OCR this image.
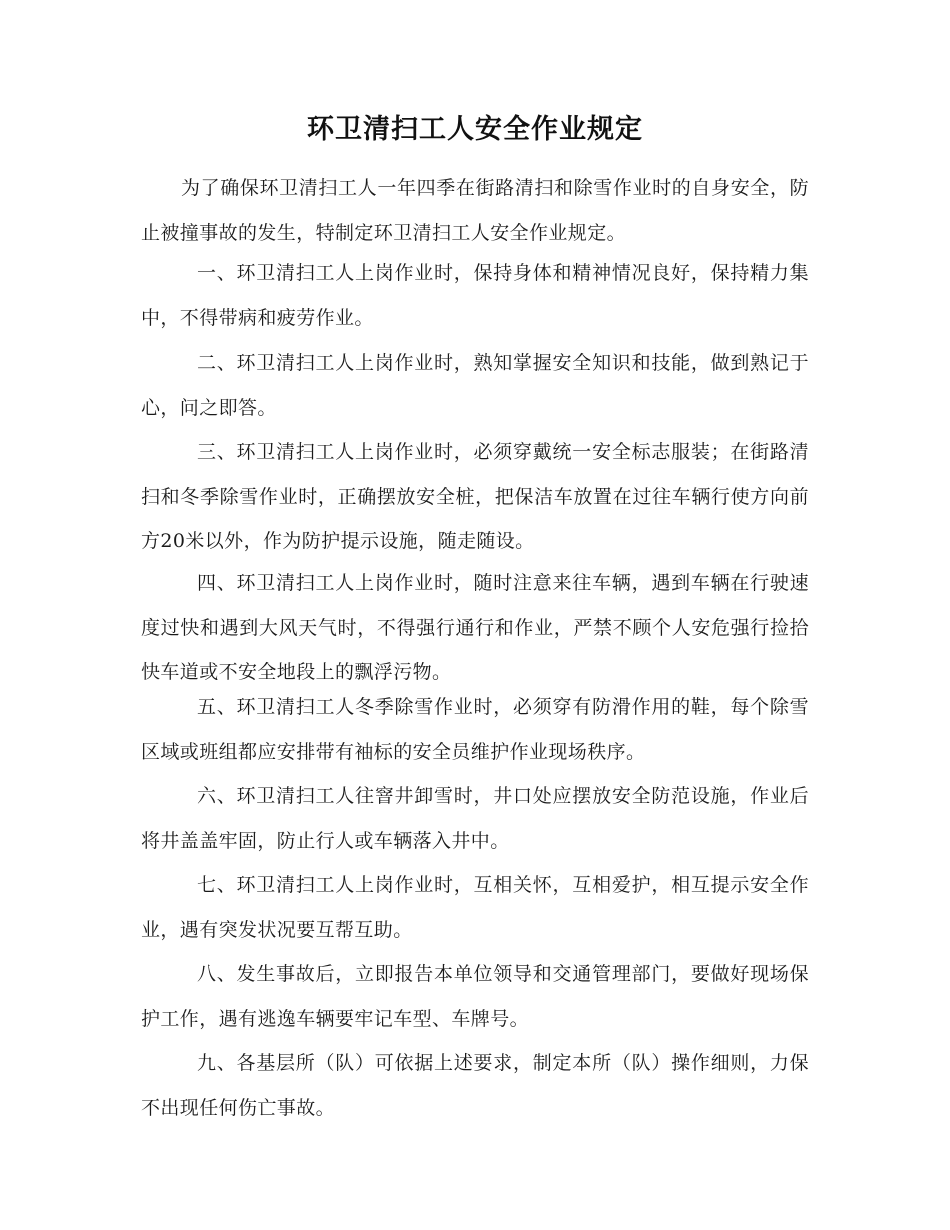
环卫清扫工人安全作业规定

为了确保环卫清扫工人一年四季在街路清扫和除雪作业时的自身安全，防止被撞事故的发生，特制定环卫清扫工人安全作业规定。

一、环卫清扫工人上岗作业时，保持身体和精神情况良好，保持精力集中，不得带病和疲劳作业。

二、环卫清扫工人上岗作业时，熟知掌握安全知识和技能，做到熟记于心，问之即答。

三、环卫清扫工人上岗作业时，必须穿戴统一安全标志服装；在街路清扫和冬季除雪作业时，正确摆放安全桩，把保洁车放置在过往车辆行使方向前方20米以外，作为防护提示设施，随走随设。

四、环卫清扫工人上岗作业时，随时注意来往车辆，遇到车辆在行驶速度过快和遇到大风天气时，不得强行通行和作业，严禁不顾个人安危强行捡拾快车道或不安全地段上的飘浮污物。

五、环卫清扫工人冬季除雪作业时，必须穿有防滑作用的鞋，每个除雪区域或班组都应安排带有袖标的安全员维护作业现场秩序。

六、环卫清扫工人往窨井卸雪时，井口处应摆放安全防范设施，作业后将井盖盖牢固，防止行人或车辆落入井中。

七、环卫清扫工人上岗作业时，互相关怀，互相爱护，相互提示安全作业，遇有突发状况要互帮互助。

八、发生事故后，立即报告本单位领导和交通管理部门，要做好现场保护工作，遇有逃逸车辆要牢记车型、车牌号。

九、各基层所（队）可依据上述要求，制定本所（队）操作细则，力保不出现任何伤亡事故。
